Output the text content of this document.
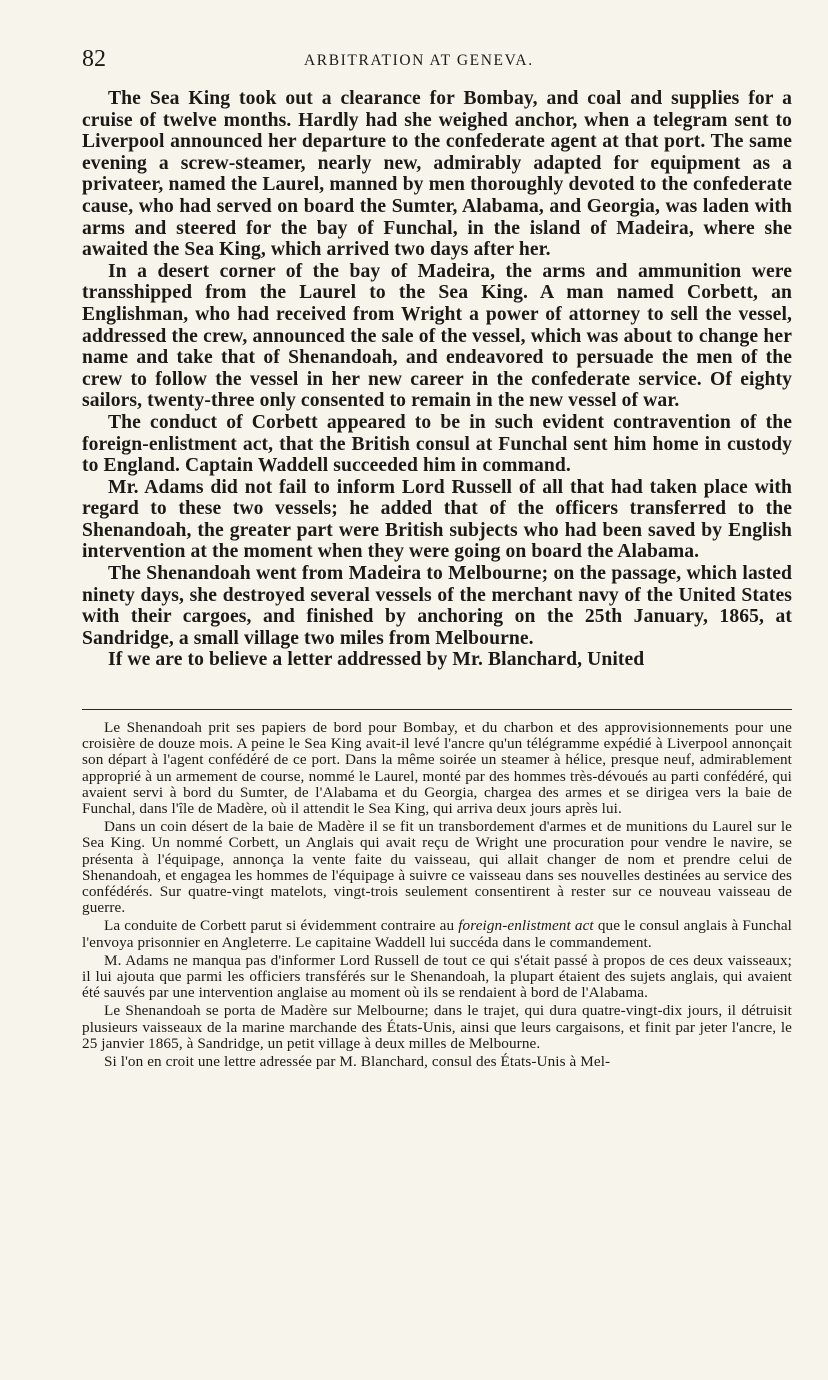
82	ARBITRATION AT GENEVA.

The Sea King took out a clearance for Bombay, and coal and supplies for a cruise of twelve months. Hardly had she weighed anchor, when a telegram sent to Liverpool announced her departure to the confederate agent at that port. The same evening a screw-steamer, nearly new, admirably adapted for equipment as a privateer, named the Laurel, manned by men thoroughly devoted to the confederate cause, who had served on board the Sumter, Alabama, and Georgia, was laden with arms and steered for the bay of Funchal, in the island of Madeira, where she awaited the Sea King, which arrived two days after her.

In a desert corner of the bay of Madeira, the arms and ammunition were transshipped from the Laurel to the Sea King. A man named Corbett, an Englishman, who had received from Wright a power of attorney to sell the vessel, addressed the crew, announced the sale of the vessel, which was about to change her name and take that of Shenandoah, and endeavored to persuade the men of the crew to follow the vessel in her new career in the confederate service. Of eighty sailors, twenty-three only consented to remain in the new vessel of war.

The conduct of Corbett appeared to be in such evident contravention of the foreign-enlistment act, that the British consul at Funchal sent him home in custody to England. Captain Waddell succeeded him in command.

Mr. Adams did not fail to inform Lord Russell of all that had taken place with regard to these two vessels; he added that of the officers transferred to the Shenandoah, the greater part were British subjects who had been saved by English intervention at the moment when they were going on board the Alabama.

The Shenandoah went from Madeira to Melbourne; on the passage, which lasted ninety days, she destroyed several vessels of the merchant navy of the United States with their cargoes, and finished by anchoring on the 25th January, 1865, at Sandridge, a small village two miles from Melbourne.

If we are to believe a letter addressed by Mr. Blanchard, United

Le Shenandoah prit ses papiers de bord pour Bombay, et du charbon et des approvisionnements pour une croisière de douze mois. A peine le Sea King avait-il levé l'ancre qu'un télégramme expédié à Liverpool annonçait son départ à l'agent confédéré de ce port. Dans la même soirée un steamer à hélice, presque neuf, admirablement approprié à un armement de course, nommé le Laurel, monté par des hommes très-dévoués au parti confédéré, qui avaient servi à bord du Sumter, de l'Alabama et du Georgia, chargea des armes et se dirigea vers la baie de Funchal, dans l'île de Madère, où il attendit le Sea King, qui arriva deux jours après lui.

Dans un coin désert de la baie de Madère il se fit un transbordement d'armes et de munitions du Laurel sur le Sea King. Un nommé Corbett, un Anglais qui avait reçu de Wright une procuration pour vendre le navire, se présenta à l'équipage, annonça la vente faite du vaisseau, qui allait changer de nom et prendre celui de Shenandoah, et engagea les hommes de l'équipage à suivre ce vaisseau dans ses nouvelles destinées au service des confédérés. Sur quatre-vingt matelots, vingt-trois seulement consentirent à rester sur ce nouveau vaisseau de guerre.

La conduite de Corbett parut si évidemment contraire au foreign-enlistment act que le consul anglais à Funchal l'envoya prisonnier en Angleterre. Le capitaine Waddell lui succéda dans le commandement.

M. Adams ne manqua pas d'informer Lord Russell de tout ce qui s'était passé à propos de ces deux vaisseaux; il lui ajouta que parmi les officiers transférés sur le Shenandoah, la plupart étaient des sujets anglais, qui avaient été sauvés par une intervention anglaise au moment où ils se rendaient à bord de l'Alabama.

Le Shenandoah se porta de Madère sur Melbourne; dans le trajet, qui dura quatre-vingt-dix jours, il détruisit plusieurs vaisseaux de la marine marchande des États-Unis, ainsi que leurs cargaisons, et finit par jeter l'ancre, le 25 janvier 1865, à Sandridge, un petit village à deux milles de Melbourne.

Si l'on en croit une lettre adressée par M. Blanchard, consul des États-Unis à Mel-
